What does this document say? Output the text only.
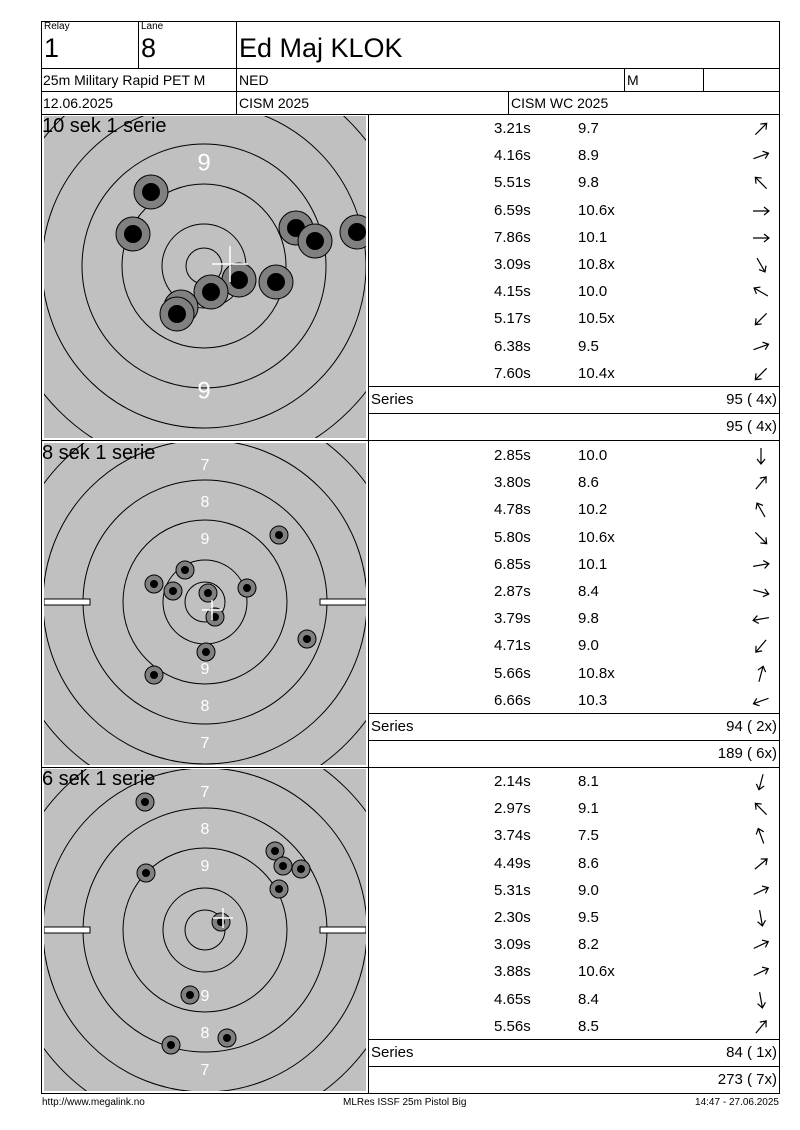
Relay
1
Lane
8	Ed Maj KLOK
25m Military Rapid PET M NED	M
12.06.2025	CISM 2025	CISM WC 2025
9
9
10 sek 1 serie	3.21s	9.7
4.16s	8.9
5.51s	9.8
6.59s	10.6x
7.86s	10.1
3.09s	10.8x
4.15s	10.0
5.17s	10.5x
6.38s	9.5
7.60s	10.4x
Series	95 ( 4x)
95 ( 4x)
7
8
9
9
8
7
8 sek 1 serie	2.85s	10.0
3.80s	8.6
4.78s	10.2
5.80s	10.6x
6.85s	10.1
2.87s	8.4
3.79s	9.8
4.71s	9.0
5.66s	10.8x
6.66s	10.3
Series	94 ( 2x)
189 ( 6x)
7
8
9
9
8
7
6 sek 1 serie	2.14s	8.1
2.97s	9.1
3.74s	7.5
4.49s	8.6
5.31s	9.0
2.30s	9.5
3.09s	8.2
3.88s	10.6x
4.65s	8.4
5.56s	8.5
Series	84 ( 1x)
273 ( 7x)
http://www.megalink.no	MLRes ISSF 25m Pistol Big	14:47 - 27.06.2025
